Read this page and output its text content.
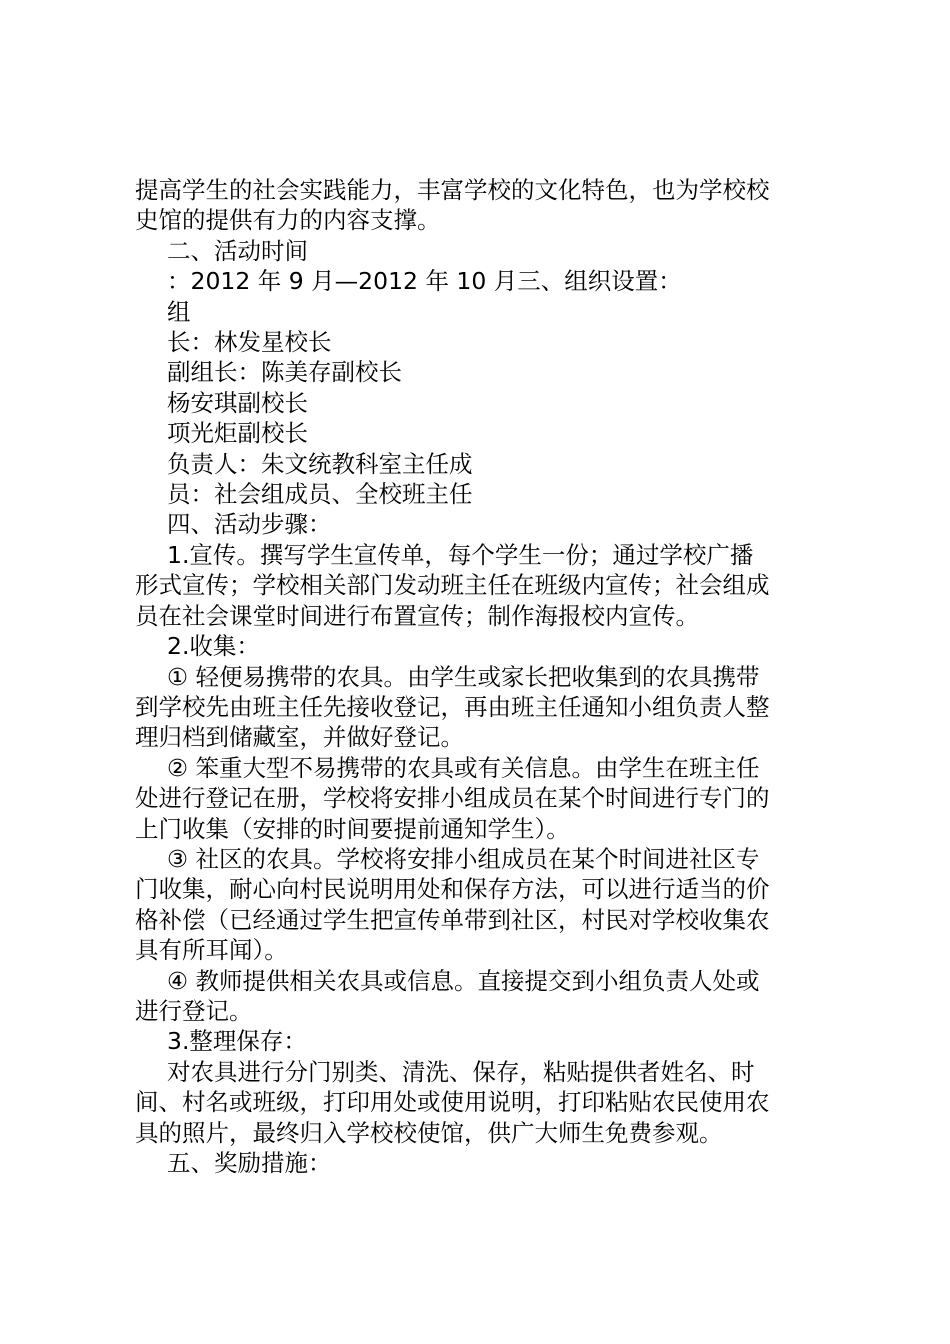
提高学生的社会实践能力，丰富学校的文化特色，也为学校校

史馆的提供有力的内容支撑。

二、活动时间

：2012 年 9 月—2012 年 10 月三、组织设置：

组

长：林发星校长

副组长：陈美存副校长

杨安琪副校长

项光炬副校长

负责人：朱文统教科室主任成

员：社会组成员、全校班主任

四、活动步骤：

1.宣传。撰写学生宣传单，每个学生一份；通过学校广播

形式宣传；学校相关部门发动班主任在班级内宣传；社会组成

员在社会课堂时间进行布置宣传；制作海报校内宣传。

2.收集：

① 轻便易携带的农具。由学生或家长把收集到的农具携带

到学校先由班主任先接收登记，再由班主任通知小组负责人整

理归档到储藏室，并做好登记。

② 笨重大型不易携带的农具或有关信息。由学生在班主任

处进行登记在册，学校将安排小组成员在某个时间进行专门的

上门收集（安排的时间要提前通知学生）。

③ 社区的农具。学校将安排小组成员在某个时间进社区专

门收集，耐心向村民说明用处和保存方法，可以进行适当的价

格补偿（已经通过学生把宣传单带到社区，村民对学校收集农

具有所耳闻）。

④ 教师提供相关农具或信息。直接提交到小组负责人处或

进行登记。

3.整理保存：

对农具进行分门别类、清洗、保存，粘贴提供者姓名、时

间、村名或班级，打印用处或使用说明，打印粘贴农民使用农

具的照片，最终归入学校校使馆，供广大师生免费参观。

五、奖励措施：
